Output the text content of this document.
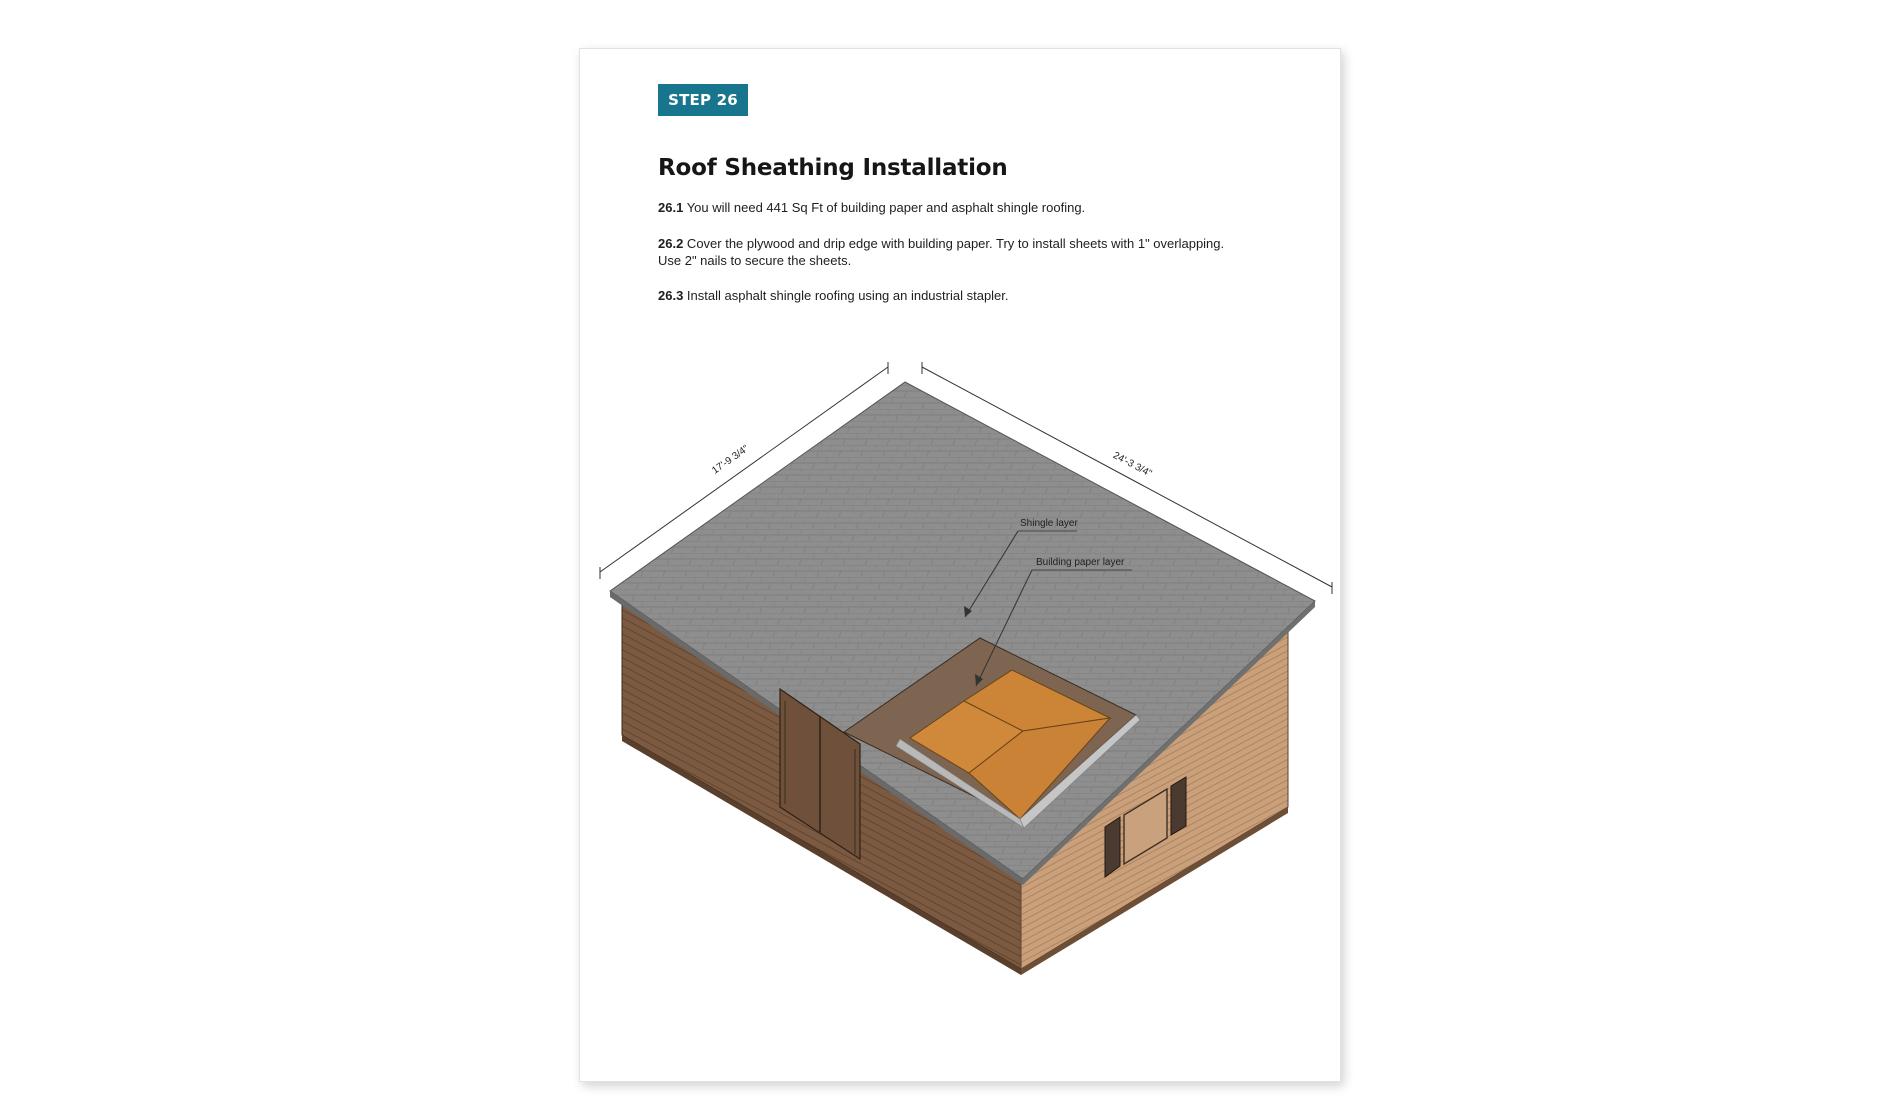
STEP 26
Roof Sheathing Installation

26.1 You will need 441 Sq Ft of building paper and asphalt shingle roofing.

26.2 Cover the plywood and drip edge with building paper. Try to install sheets with 1" overlapping.
Use 2" nails to secure the sheets.

26.3 Install asphalt shingle roofing using an industrial stapler.

17'-9 3/4"	24'-3 3/4"
Shingle layer
Building paper layer
